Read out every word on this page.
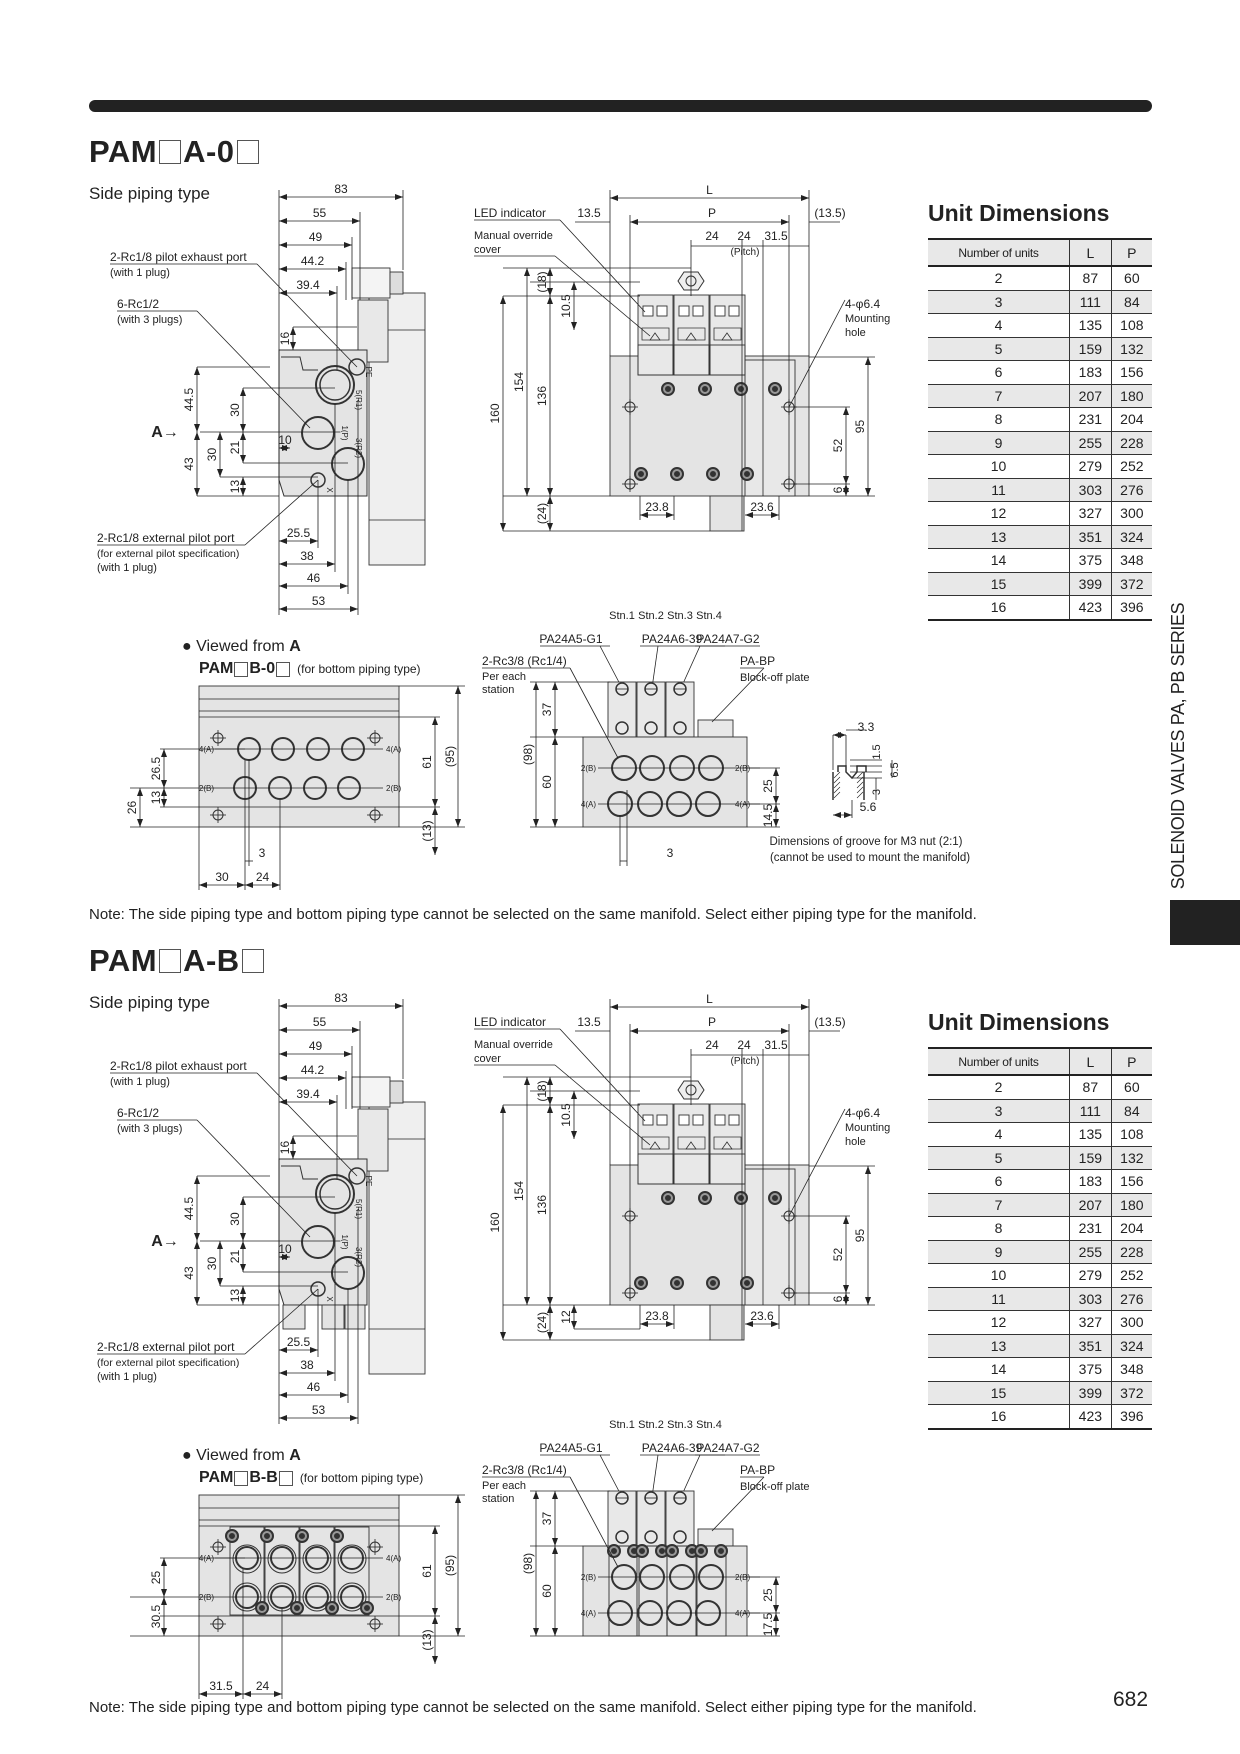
PE
5(R1)
1(P)
3(R2)
X
83
55
49
44.2
39.4
2-Rc1/8 pilot exhaust port
(with 1 plug)
6-Rc1/2
(with 3 plugs)
44.5
43
30
30
21
13
16
10
A→
2-Rc1/8 external pilot port
(for external pilot specification)
(with 1 plug)
25.5
38
46
53
L
P
13.5	(13.5)
24 24 31.5
(Pitch)
LED indicator
Manual override
cover
160
154
136
(18)
(24)
10.5
23.8	23.6
4-φ6.4
Mounting
hole
95
52
6
4(A)	4(A)
2(B)	2(B)
61 (95)
(13)
26.5
13
26
30 24
3
Stn.1 Stn.2 Stn.3 Stn.4
PA24A5-G1	PA24A6-39
PA24A7-G2
2(B)	2(B)
4(A)	4(A)
2-Rc3/8 (Rc1/4)
Per each
station
PA-BP
Block-off plate
(98)
37
60	25
14.5
3
3.3
1.5
6.5
3
5.6
Dimensions of groove for M3 nut (2:1)
(cannot be used to mount the manifold)
PAM A-0
Side piping type
Unit Dimensions
Number of units	L	P
2	87	60
3	111	84
4	135	108
5	159	132
6	183	156
7	207	180
8	231	204
9	255	228
10	279	252
11	303	276
12	327	300
13	351	324
14	375	348
15	399	372
16	423	396
● Viewed from A
PAM B-0 (for bottom piping type)
Note: The side piping type and bottom piping type cannot be selected on the same manifold. Select either piping type for the manifold.
PE
5(R1)
1(P)
3(R2)
X
83
55
49
44.2
39.4
2-Rc1/8 pilot exhaust port
(with 1 plug)
6-Rc1/2
(with 3 plugs)
44.5
43
30
30
21
13
16
10
A→
2-Rc1/8 external pilot port
(for external pilot specification)
(with 1 plug)
25.5
38
46
53
L
P
13.5	(13.5)
24 24 31.5
(Pitch)
LED indicator
Manual override
cover
160
154
136
(18)
(24)
10.5
12	23.8	23.6
4-φ6.4
Mounting
hole
95
52
6
4(A)	4(A)
2(B)	2(B)
61 (95)
(13)
25
30.5
31.5 24
Stn.1 Stn.2 Stn.3 Stn.4
PA24A5-G1	PA24A6-39
PA24A7-G2
2(B)	2(B)
4(A)	4(A)
2-Rc3/8 (Rc1/4)
Per each
station
PA-BP
Block-off plate
(98)
37
60	25
17.5
PAM A-B
Side piping type
Unit Dimensions
Number of units	L	P
2	87	60
3	111	84
4	135	108
5	159	132
6	183	156
7	207	180
8	231	204
9	255	228
10	279	252
11	303	276
12	327	300
13	351	324
14	375	348
15	399	372
16	423	396
● Viewed from A
PAM B-B (for bottom piping type)
Note: The side piping type and bottom piping type cannot be selected on the same manifold. Select either piping type for the manifold.
SOLENOID VALVES PA, PB SERIES
682
